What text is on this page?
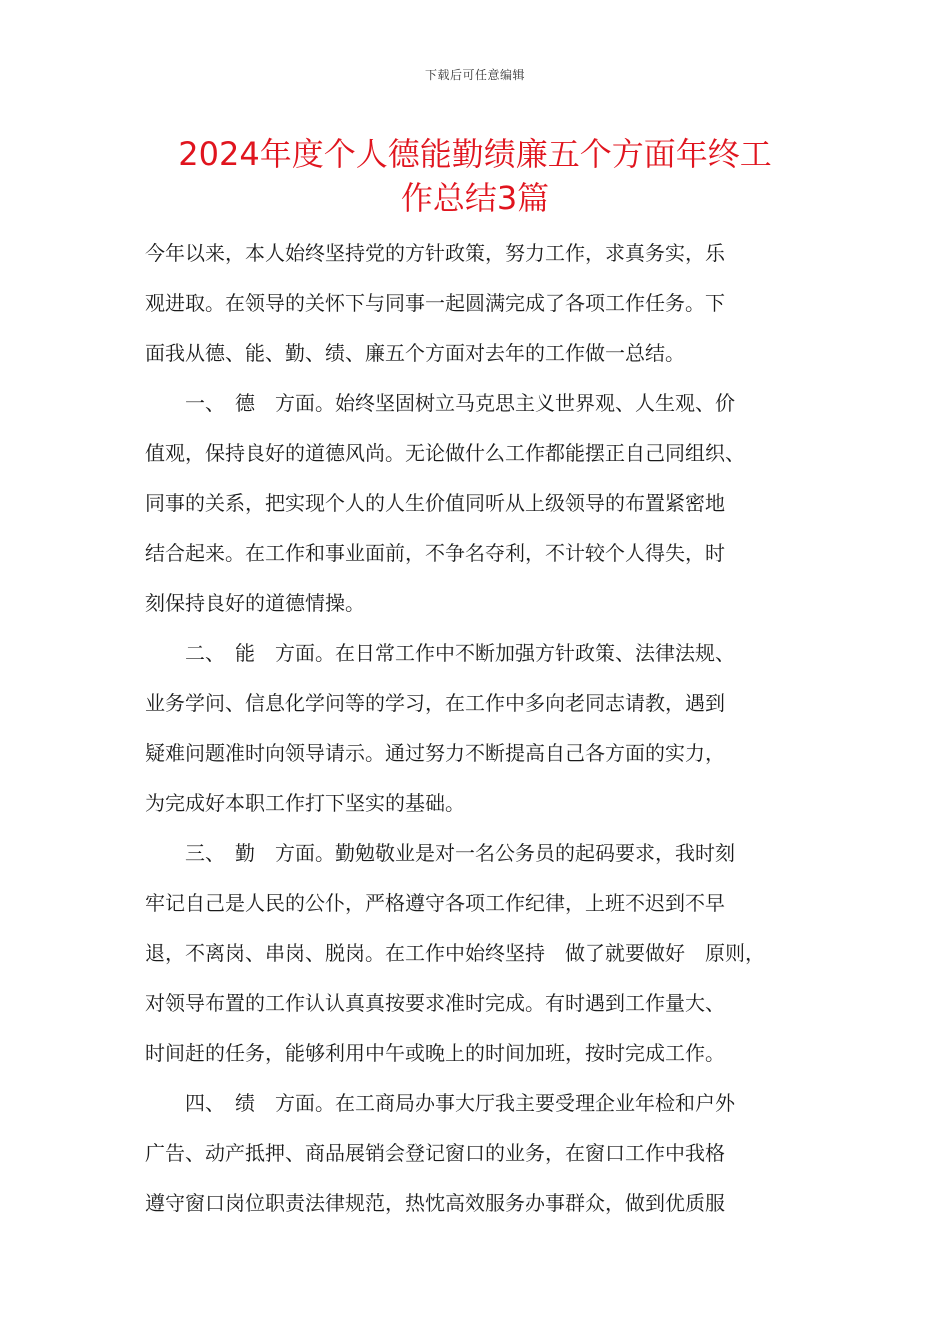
下载后可任意编辑
2024年度个人德能勤绩廉五个方面年终工
作总结3篇
今年以来，本人始终坚持党的方针政策，努力工作，求真务实，乐
观进取。在领导的关怀下与同事一起圆满完成了各项工作任务。下
面我从德、能、勤、绩、廉五个方面对去年的工作做一总结。
　　一、　德　方面。始终坚固树立马克思主义世界观、人生观、价
值观，保持良好的道德风尚。无论做什么工作都能摆正自己同组织、
同事的关系，把实现个人的人生价值同听从上级领导的布置紧密地
结合起来。在工作和事业面前，不争名夺利，不计较个人得失，时
刻保持良好的道德情操。
　　二、　能　方面。在日常工作中不断加强方针政策、法律法规、
业务学问、信息化学问等的学习，在工作中多向老同志请教，遇到
疑难问题准时向领导请示。通过努力不断提高自己各方面的实力，
为完成好本职工作打下坚实的基础。
　　三、　勤　方面。勤勉敬业是对一名公务员的起码要求，我时刻
牢记自己是人民的公仆，严格遵守各项工作纪律，上班不迟到不早
退，不离岗、串岗、脱岗。在工作中始终坚持　做了就要做好　原则，
对领导布置的工作认认真真按要求准时完成。有时遇到工作量大、
时间赶的任务，能够利用中午或晚上的时间加班，按时完成工作。
　　四、　绩　方面。在工商局办事大厅我主要受理企业年检和户外
广告、动产抵押、商品展销会登记窗口的业务，在窗口工作中我格
遵守窗口岗位职责法律规范，热忱高效服务办事群众，做到优质服
